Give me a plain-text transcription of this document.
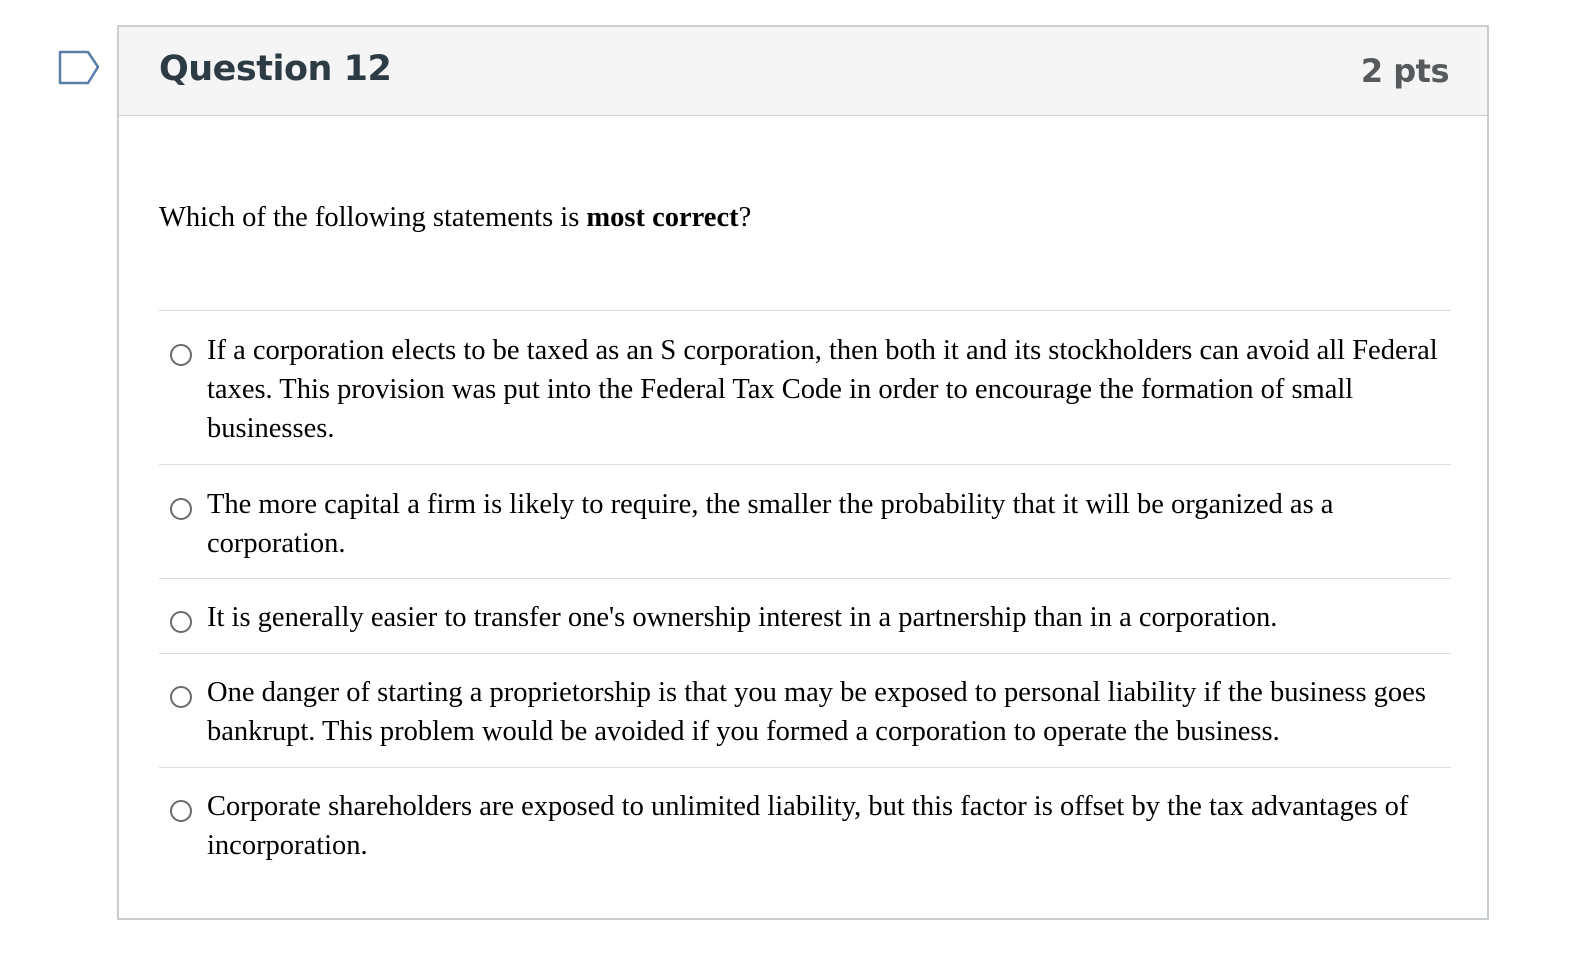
Question 12	2 pts
Which of the following statements is most correct?
If a corporation elects to be taxed as an S corporation, then both it and its stockholders can avoid all Federal taxes. This provision was put into the Federal Tax Code in order to encourage the formation of small businesses.
The more capital a firm is likely to require, the smaller the probability that it will be organized as a corporation.
It is generally easier to transfer one's ownership interest in a partnership than in a corporation.
One danger of starting a proprietorship is that you may be exposed to personal liability if the business goes bankrupt. This problem would be avoided if you formed a corporation to operate the business.
Corporate shareholders are exposed to unlimited liability, but this factor is offset by the tax advantages of incorporation.
